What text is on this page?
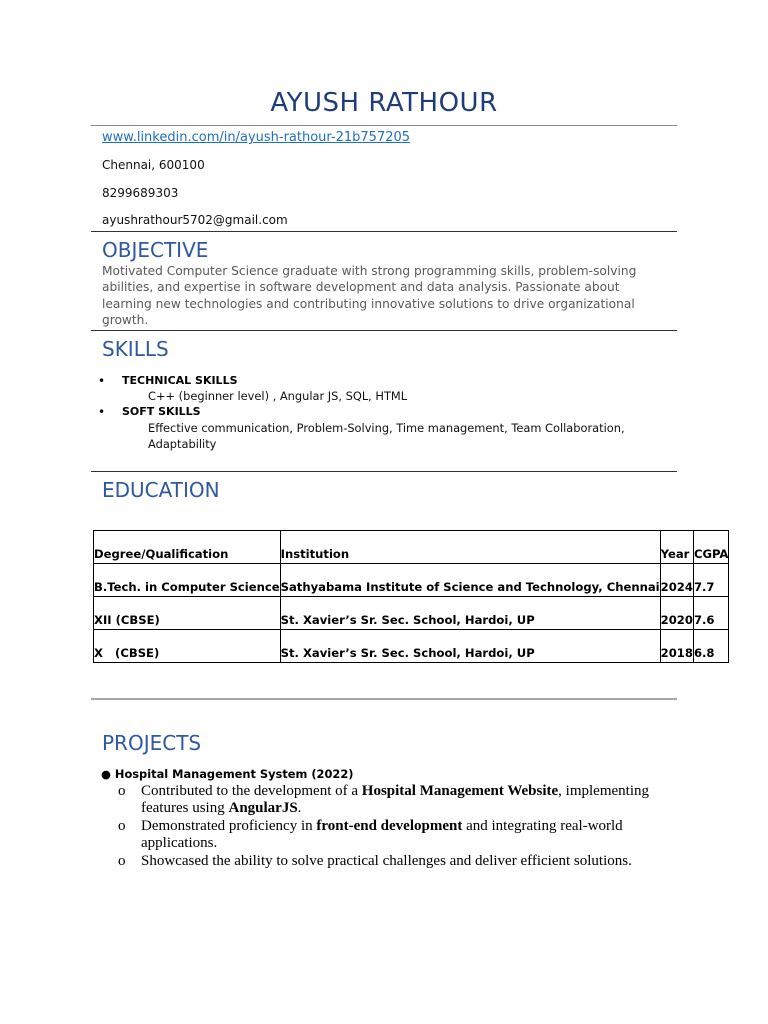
AYUSH RATHOUR
www.linkedin.com/in/ayush-rathour-21b757205
Chennai, 600100
8299689303
ayushrathour5702@gmail.com
OBJECTIVE
Motivated Computer Science graduate with strong programming skills, problem-solving abilities, and expertise in software development and data analysis. Passionate about learning new technologies and contributing innovative solutions to drive organizational growth.
SKILLS
• TECHNICAL SKILLS
C++ (beginner level) , Angular JS, SQL, HTML
• SOFT SKILLS
Effective communication, Problem-Solving, Time management, Team Collaboration, Adaptability
EDUCATION
Degree/Qualification	Institution	Year	CGPA
B.Tech. in Computer Science	Sathyabama Institute of Science and Technology, Chennai	2024	7.7
XII (CBSE)	St. Xavier’s Sr. Sec. School, Hardoi, UP	2020	7.6
X   (CBSE)	St. Xavier’s Sr. Sec. School, Hardoi, UP	2018	6.8
PROJECTS
● Hospital Management System (2022)
o	Contributed to the development of a Hospital Management Website, implementing features using AngularJS.
o	Demonstrated proficiency in front-end development and integrating real-world applications.
o	Showcased the ability to solve practical challenges and deliver efficient solutions.
